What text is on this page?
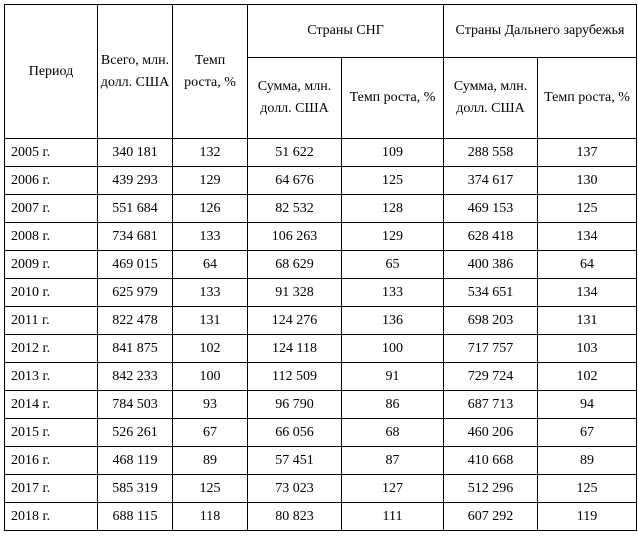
Период	Всего, млн. долл. США	Темп роста, %	Страны СНГ		Страны Дальнего зарубежья	
			Сумма, млн. долл. США	Темп роста, %	Сумма, млн. долл. США	Темп роста, %
2005 г.	340 181	132	51 622	109	288 558	137
2006 г.	439 293	129	64 676	125	374 617	130
2007 г.	551 684	126	82 532	128	469 153	125
2008 г.	734 681	133	106 263	129	628 418	134
2009 г.	469 015	64	68 629	65	400 386	64
2010 г.	625 979	133	91 328	133	534 651	134
2011 г.	822 478	131	124 276	136	698 203	131
2012 г.	841 875	102	124 118	100	717 757	103
2013 г.	842 233	100	112 509	91	729 724	102
2014 г.	784 503	93	96 790	86	687 713	94
2015 г.	526 261	67	66 056	68	460 206	67
2016 г.	468 119	89	57 451	87	410 668	89
2017 г.	585 319	125	73 023	127	512 296	125
2018 г.	688 115	118	80 823	111	607 292	119
